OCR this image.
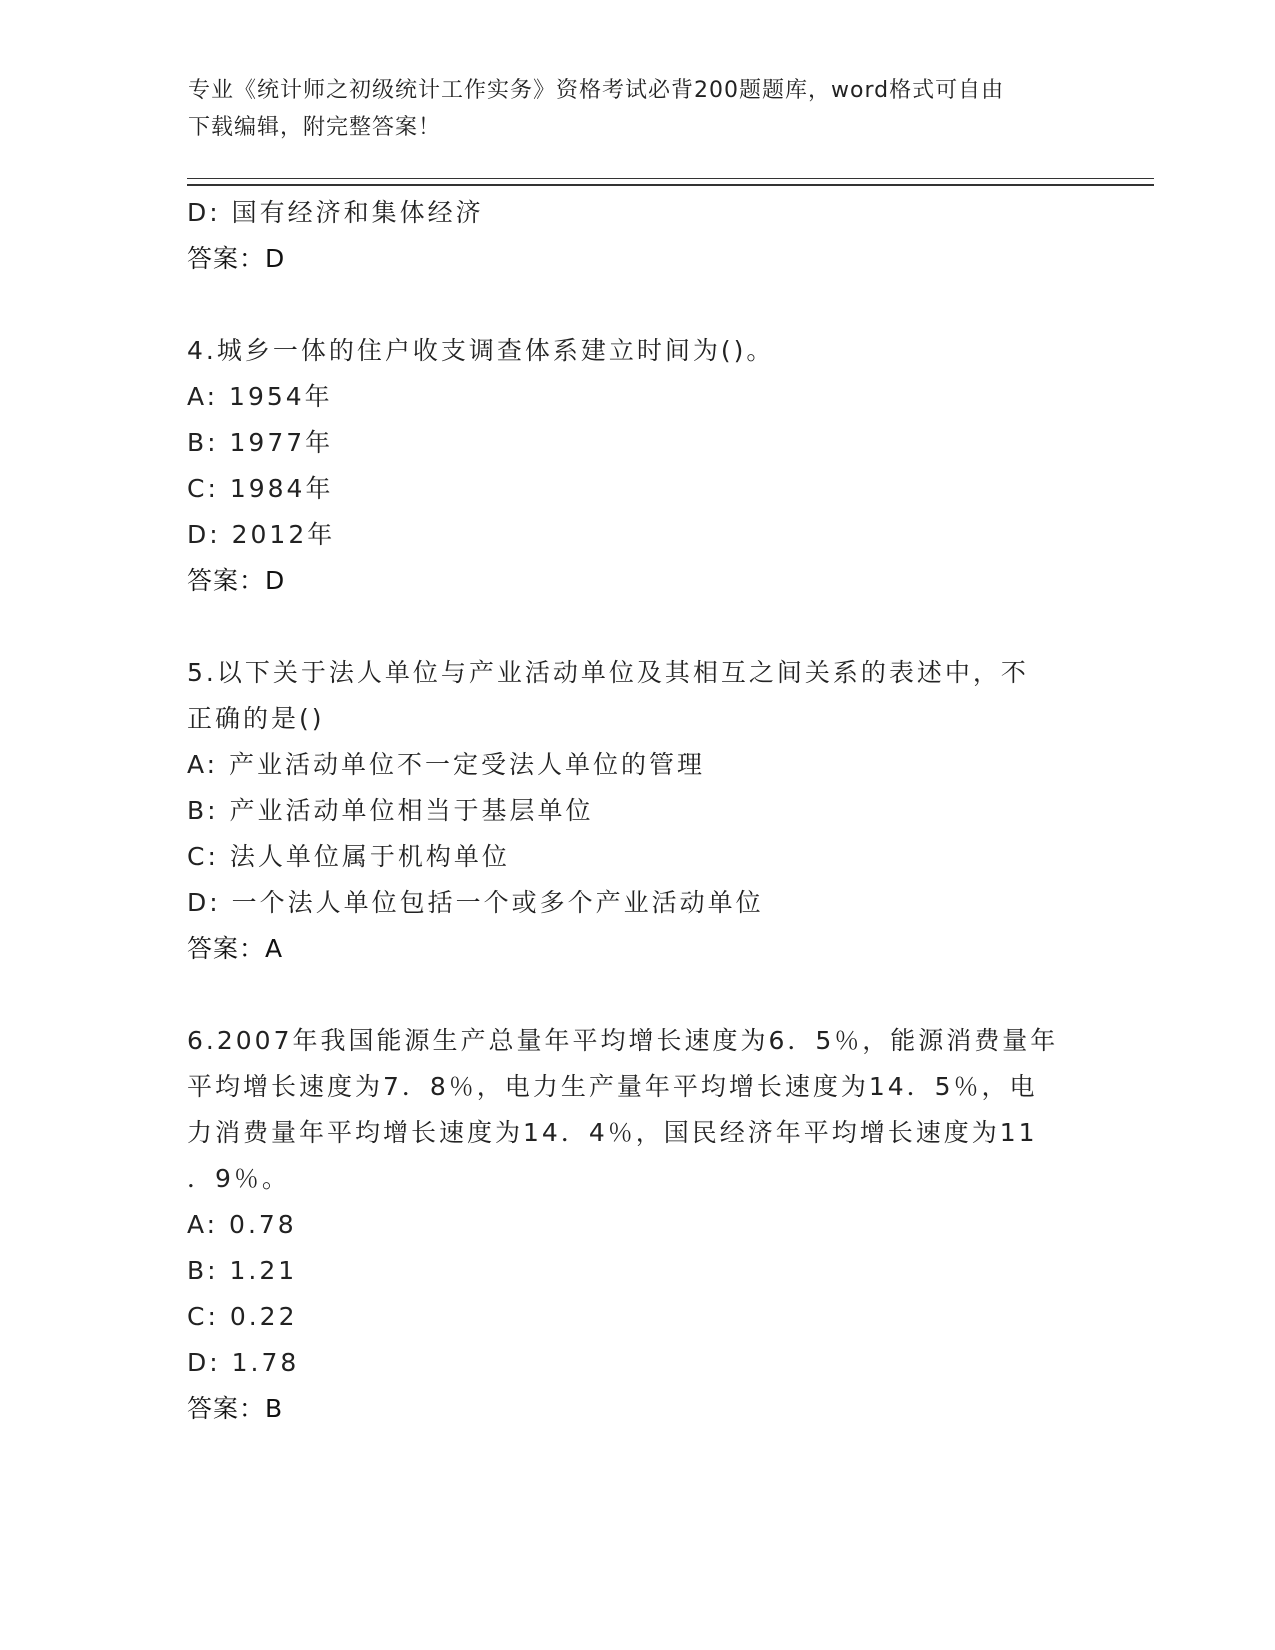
专业《统计师之初级统计工作实务》资格考试必背200题题库，word格式可自由
下载编辑，附完整答案！
D: 国有经济和集体经济
答案：D
4.城乡一体的住户收支调查体系建立时间为()。
A: 1954年
B: 1977年
C: 1984年
D: 2012年
答案：D
5.以下关于法人单位与产业活动单位及其相互之间关系的表述中，不
正确的是()
A: 产业活动单位不一定受法人单位的管理
B: 产业活动单位相当于基层单位
C: 法人单位属于机构单位
D: 一个法人单位包括一个或多个产业活动单位
答案：A
6.2007年我国能源生产总量年平均增长速度为6．5％，能源消费量年
平均增长速度为7．8％，电力生产量年平均增长速度为14．5％，电
力消费量年平均增长速度为14．4％，国民经济年平均增长速度为11
．9％。
A: 0.78
B: 1.21
C: 0.22
D: 1.78
答案：B
